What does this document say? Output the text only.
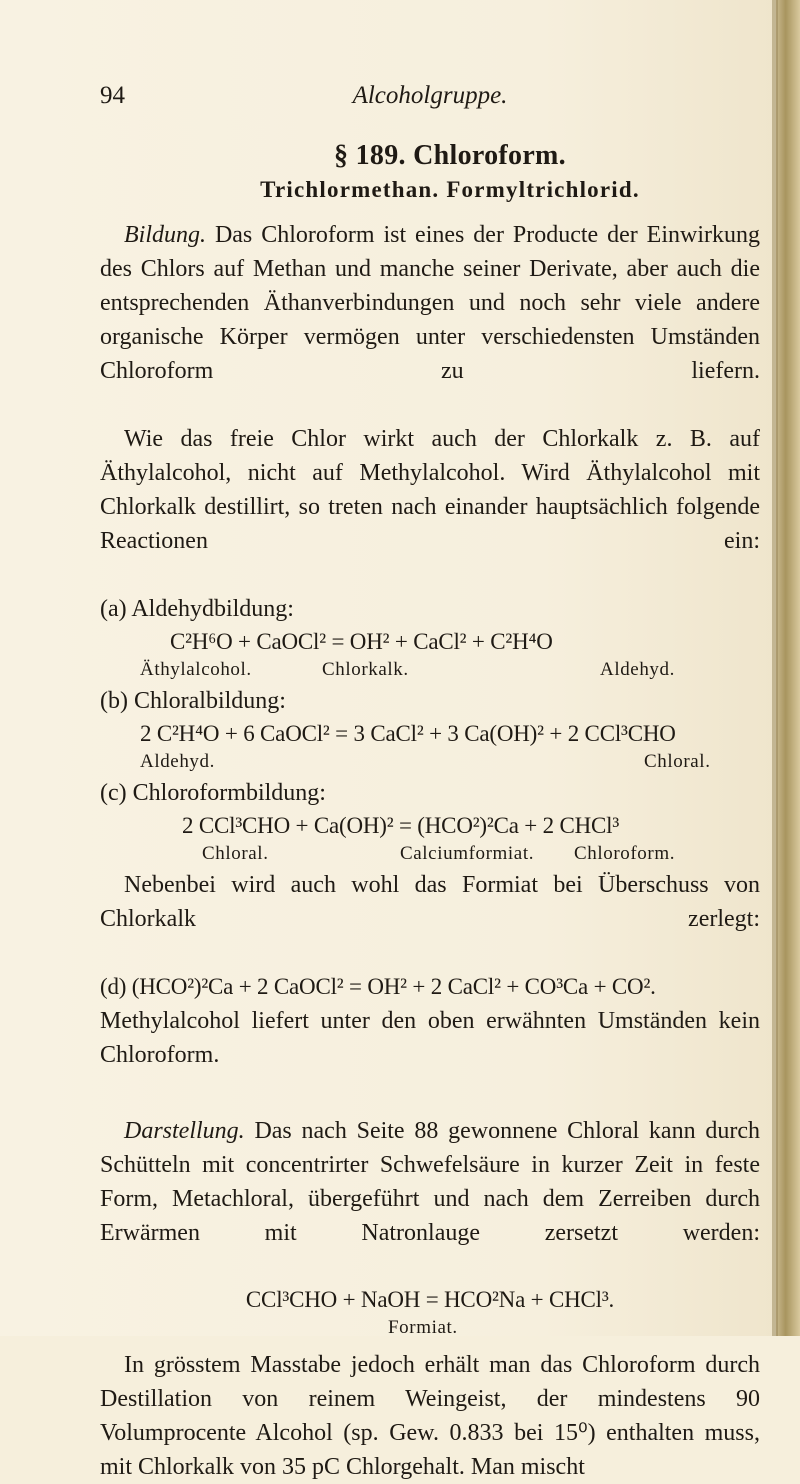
94	Alcoholgruppe.
§ 189. Chloroform.
Trichlormethan. Formyltrichlorid.

Bildung. Das Chloroform ist eines der Producte der Einwirkung des Chlors auf Methan und manche seiner Derivate, aber auch die entsprechenden Äthanverbindungen und noch sehr viele andere organische Körper vermögen unter verschiedensten Umständen Chloroform zu liefern.

Wie das freie Chlor wirkt auch der Chlorkalk z. B. auf Äthylalcohol, nicht auf Methylalcohol. Wird Äthylalcohol mit Chlorkalk destillirt, so treten nach einander hauptsächlich folgende Reactionen ein:

(a) Aldehydbildung:

C²H⁶O + CaOCl² = OH² + CaCl² + C²H⁴O

Äthylalcohol.	Chlorkalk.	Aldehyd.

(b) Chloralbildung:

2 C²H⁴O + 6 CaOCl² = 3 CaCl² + 3 Ca(OH)² + 2 CCl³CHO

Aldehyd.	Chloral.

(c) Chloroformbildung:

2 CCl³CHO + Ca(OH)² = (HCO²)²Ca + 2 CHCl³

Chloral.	Calciumformiat. Chloroform.

Nebenbei wird auch wohl das Formiat bei Überschuss von Chlorkalk zerlegt:

(d) (HCO²)²Ca + 2 CaOCl² = OH² + 2 CaCl² + CO³Ca + CO².

Methylalcohol liefert unter den oben erwähnten Umständen kein Chloroform.

Darstellung. Das nach Seite 88 gewonnene Chloral kann durch Schütteln mit concentrirter Schwefelsäure in kurzer Zeit in feste Form, Metachloral, übergeführt und nach dem Zerreiben durch Erwärmen mit Natronlauge zersetzt werden:

CCl³CHO + NaOH = HCO²Na + CHCl³.

Formiat.

In grösstem Masstabe jedoch erhält man das Chloroform durch Destillation von reinem Weingeist, der mindestens 90 Volumprocente Alcohol (sp. Gew. 0.833 bei 15⁰) enthalten muss, mit Chlorkalk von 35 pC Chlorgehalt. Man mischt
